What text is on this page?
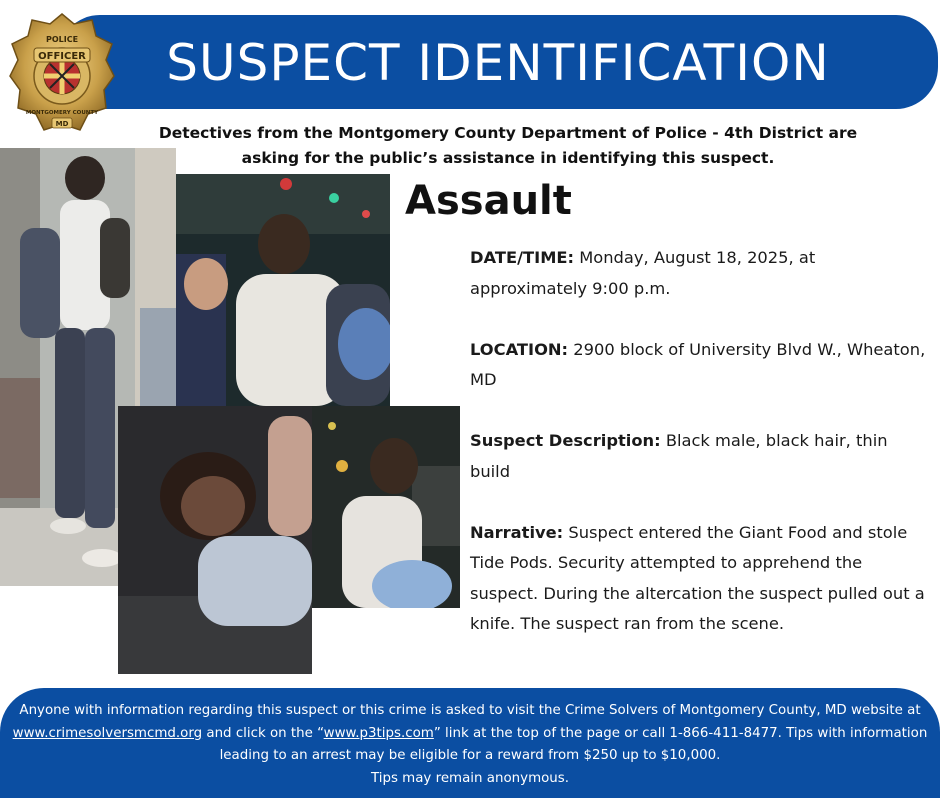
SUSPECT IDENTIFICATION
OFFICER
POLICE
MONTGOMERY COUNTY
MD	Detectives from the Montgomery County Department of Police - 4th District are
asking for the public’s assistance in identifying this suspect.
Assault

DATE/TIME: Monday, August 18, 2025, at approximately 9:00 p.m.

LOCATION: 2900 block of University Blvd W., Wheaton, MD

Suspect Description: Black male, black hair, thin build

Narrative: Suspect entered the Giant Food and stole Tide Pods. Security attempted to apprehend the suspect. During the altercation the suspect pulled out a knife. The suspect ran from the scene.

Anyone with information regarding this suspect or this crime is asked to visit the Crime Solvers of Montgomery County, MD website at www.crimesolversmcmd.org and click on the “www.p3tips.com” link at the top of the page or call 1-866-411-8477. Tips with information leading to an arrest may be eligible for a reward from $250 up to $10,000.
Tips may remain anonymous.
